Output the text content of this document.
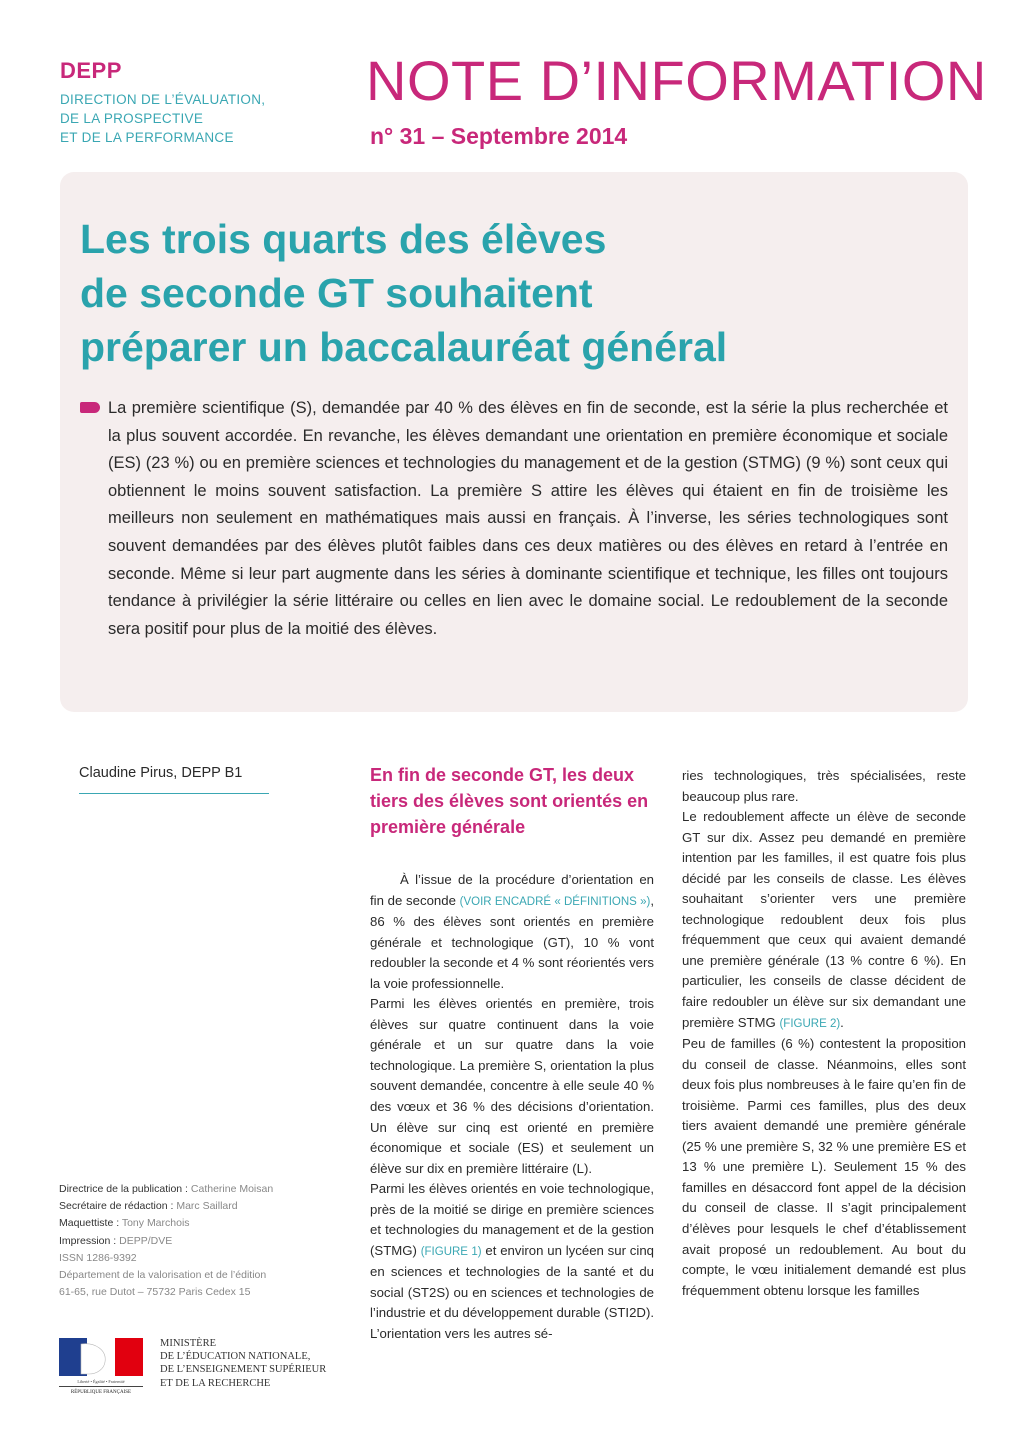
DEPP
DIRECTION DE L’ÉVALUATION,
DE LA PROSPECTIVE
ET DE LA PERFORMANCE
NOTE D’INFORMATION
n° 31 – Septembre 2014
Les trois quarts des élèves
de seconde GT souhaitent
préparer un baccalauréat général
La première scientifique (S), demandée par 40 % des élèves en fin de seconde, est la série la plus recherchée et la plus souvent accordée. En revanche, les élèves demandant une orientation en première économique et sociale (ES) (23 %) ou en première sciences et technologies du management et de la gestion (STMG) (9 %) sont ceux qui obtiennent le moins souvent satisfaction. La première S attire les élèves qui étaient en fin de troisième les meilleurs non seulement en mathématiques mais aussi en français. À l’inverse, les séries technologiques sont souvent demandées par des élèves plutôt faibles dans ces deux matières ou des élèves en retard à l’entrée en seconde. Même si leur part augmente dans les séries à dominante scientifique et technique, les filles ont toujours tendance à privilégier la série littéraire ou celles en lien avec le domaine social. Le redoublement de la seconde sera positif pour plus de la moitié des élèves.
Claudine Pirus, DEPP B1	En fin de seconde GT, les deux tiers des élèves sont orientés en première générale

À l’issue de la procédure d’orientation en fin de seconde (VOIR ENCADRÉ « DÉFINITIONS »), 86 % des élèves sont orientés en première générale et technologique (GT), 10 % vont redoubler la seconde et 4 % sont réorientés vers la voie professionnelle.

Parmi les élèves orientés en première, trois élèves sur quatre continuent dans la voie générale et un sur quatre dans la voie technologique. La première S, orientation la plus souvent demandée, concentre à elle seule 40 % des vœux et 36 % des décisions d’orientation. Un élève sur cinq est orienté en première économique et sociale (ES) et seulement un élève sur dix en première littéraire (L).

Parmi les élèves orientés en voie technologique, près de la moitié se dirige en première sciences et technologies du management et de la gestion (STMG) (FIGURE 1) et environ un lycéen sur cinq en sciences et technologies de la santé et du social (ST2S) ou en sciences et technologies de l’industrie et du développement durable (STI2D). L’orientation vers les autres sé-

ries technologiques, très spécialisées, reste beaucoup plus rare.

Le redoublement affecte un élève de seconde GT sur dix. Assez peu demandé en première intention par les familles, il est quatre fois plus décidé par les conseils de classe. Les élèves souhaitant s’orienter vers une première technologique redoublent deux fois plus fréquemment que ceux qui avaient demandé une première générale (13 % contre 6 %). En particulier, les conseils de classe décident de faire redoubler un élève sur six demandant une première STMG (FIGURE 2).

Peu de familles (6 %) contestent la proposition du conseil de classe. Néanmoins, elles sont deux fois plus nombreuses à le faire qu’en fin de troisième. Parmi ces familles, plus des deux tiers avaient demandé une première générale (25 % une première S, 32 % une première ES et 13 % une première L). Seulement 15 % des familles en désaccord font appel de la décision du conseil de classe. Il s’agit principalement d’élèves pour lesquels le chef d’établissement avait proposé un redoublement. Au bout du compte, le vœu initialement demandé est plus fréquemment obtenu lorsque les familles

Directrice de la publication : Catherine Moisan
Secrétaire de rédaction : Marc Saillard
Maquettiste : Tony Marchois
Impression : DEPP/DVE
ISSN 1286-9392
Département de la valorisation et de l’édition
61-65, rue Dutot – 75732 Paris Cedex 15
Liberté • Égalité • Fraternité
RÉPUBLIQUE FRANÇAISE
MINISTÈRE
DE L’ÉDUCATION NATIONALE,
DE L’ENSEIGNEMENT SUPÉRIEUR
ET DE LA RECHERCHE
